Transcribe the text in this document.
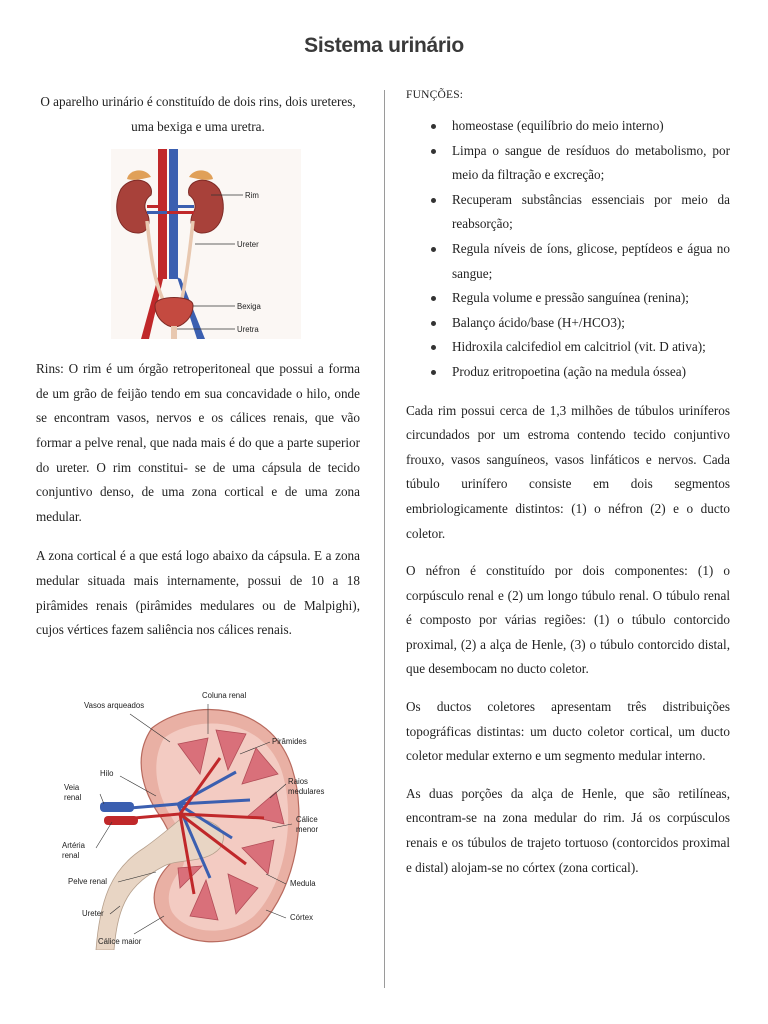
Sistema urinário

O aparelho urinário é constituído de dois rins, dois ureteres, uma bexiga e uma uretra.

Rim
Ureter
Bexiga
Uretra

Rins: O rim é um órgão retroperitoneal que possui a forma de um grão de feijão tendo em sua concavidade o hilo, onde se encontram vasos, nervos e os cálices renais, que vão formar a pelve renal, que nada mais é do que a parte superior do ureter. O rim constitui- se de uma cápsula de tecido conjuntivo denso, de uma zona cortical e de uma zona medular.

A zona cortical é a que está logo abaixo da cápsula. E a zona medular situada mais internamente, possui de 10 a 18 pirâmides renais (pirâmides medulares ou de Malpighi), cujos vértices fazem saliência nos cálices renais.

Vasos arqueados
Coluna renal
Pirâmides
Hilo
Raios
medulares
Veia
renal
Cálice
menor
Artéria
renal
Pelve renal	Medula
Ureter	Córtex
Cálice maior
FUNÇÕES:
homeostase (equilíbrio do meio interno)
Limpa o sangue de resíduos do metabolismo, por meio da filtração e excreção;
Recuperam substâncias essenciais por meio da reabsorção;
Regula níveis de íons, glicose, peptídeos e água no sangue;
Regula volume e pressão sanguínea (renina);
Balanço ácido/base (H+/HCO3);
Hidroxila calcifediol em calcitriol (vit. D ativa);
Produz eritropoetina (ação na medula óssea)

Cada rim possui cerca de 1,3 milhões de túbulos uriníferos circundados por um estroma contendo tecido conjuntivo frouxo, vasos sanguíneos, vasos linfáticos e nervos. Cada túbulo urinífero consiste em dois segmentos embriologicamente distintos: (1) o néfron (2) e o ducto coletor.

O néfron é constituído por dois componentes: (1) o corpúsculo renal e (2) um longo túbulo renal. O túbulo renal é composto por várias regiões: (1) o túbulo contorcido proximal, (2) a alça de Henle, (3) o túbulo contorcido distal, que desembocam no ducto coletor.

Os ductos coletores apresentam três distribuições topográficas distintas: um ducto coletor cortical, um ducto coletor medular externo e um segmento medular interno.

As duas porções da alça de Henle, que são retilíneas, encontram-se na zona medular do rim. Já os corpúsculos renais e os túbulos de trajeto tortuoso (contorcidos proximal e distal) alojam-se no córtex (zona cortical).
